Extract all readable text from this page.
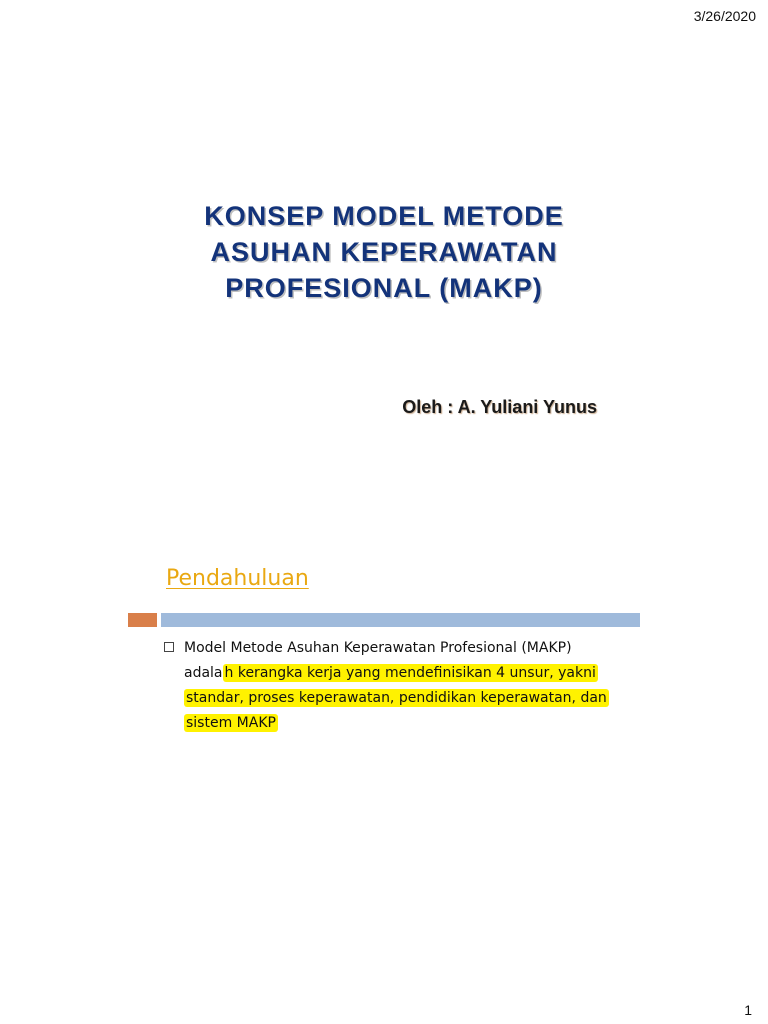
3/26/2020
KONSEP MODEL METODE
ASUHAN KEPERAWATAN
PROFESIONAL (MAKP)
Oleh : A. Yuliani Yunus
Pendahuluan
Model Metode Asuhan Keperawatan Profesional (MAKP) adala h kerangka kerja yang mendefinisikan 4 unsur, yakni standar, proses keperawatan, pendidikan keperawatan, dan sistem MAKP
1
